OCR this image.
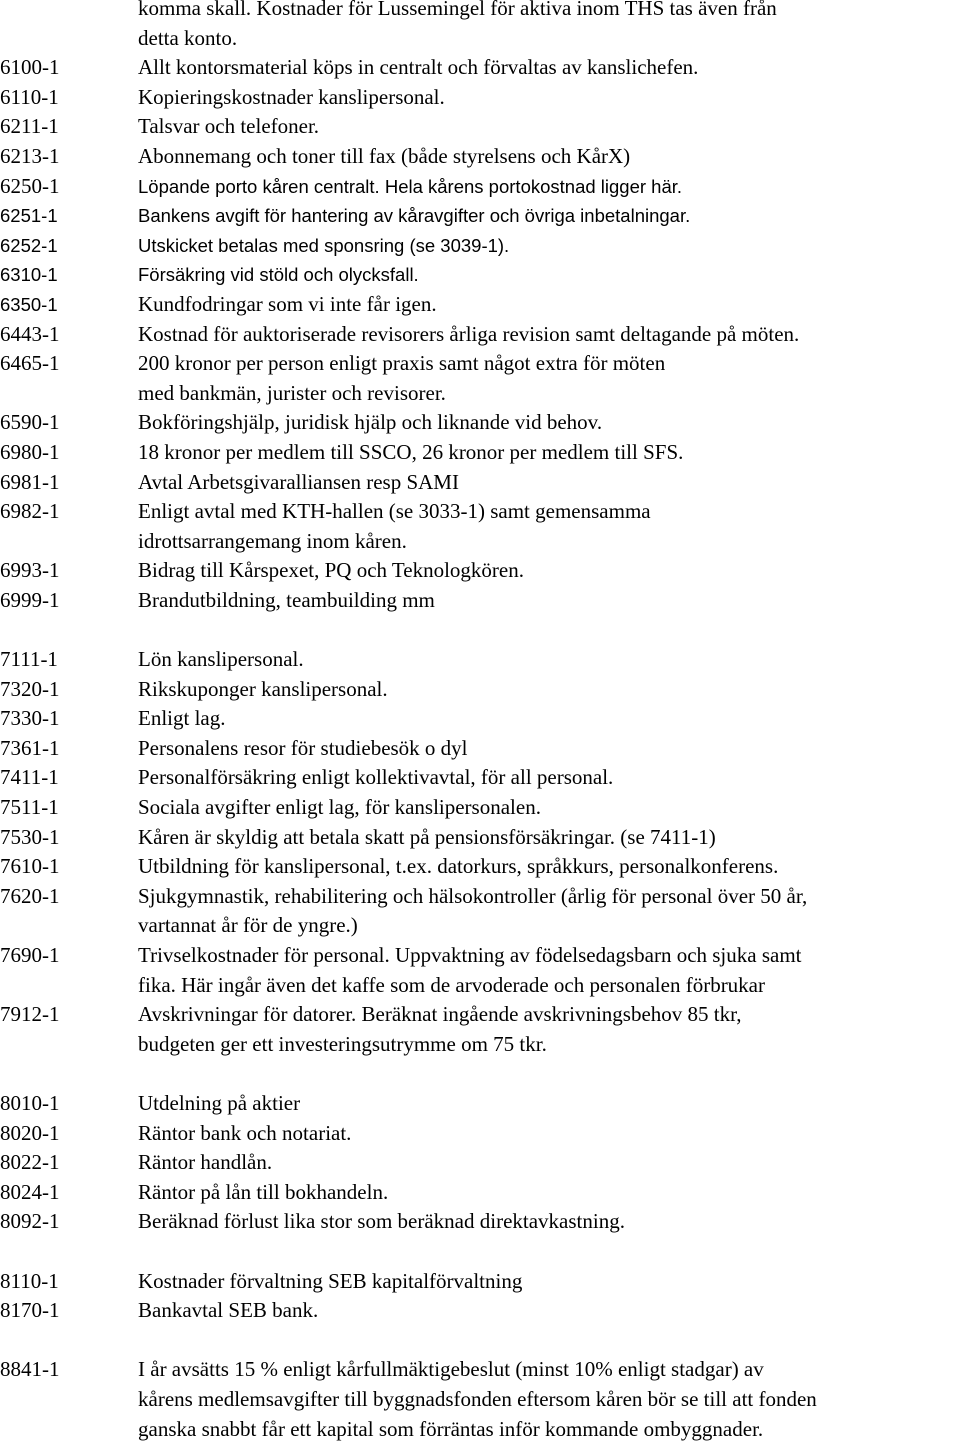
komma skall. Kostnader för Lussemingel för aktiva inom THS tas även från
detta konto.
6100-1	Allt kontorsmaterial köps in centralt och förvaltas av kanslichefen.
6110-1	Kopieringskostnader kanslipersonal.
6211-1	Talsvar och telefoner.
6213-1	Abonnemang och toner till fax (både styrelsens och KårX)
6250-1	Löpande porto kåren centralt. Hela kårens portokostnad ligger här.
6251-1	Bankens avgift för hantering av kåravgifter och övriga inbetalningar.
6252-1	Utskicket betalas med sponsring (se 3039-1).
6310-1	Försäkring vid stöld och olycksfall.
6350-1	Kundfodringar som vi inte får igen.
6443-1	Kostnad för auktoriserade revisorers årliga revision samt deltagande på möten.
6465-1	200 kronor per person enligt praxis samt något extra för möten
med bankmän, jurister och revisorer.
6590-1	Bokföringshjälp, juridisk hjälp och liknande vid behov.
6980-1	18 kronor per medlem till SSCO, 26 kronor per medlem till SFS.
6981-1	Avtal Arbetsgivaralliansen resp SAMI
6982-1	Enligt avtal med KTH-hallen (se 3033-1) samt gemensamma
idrottsarrangemang inom kåren.
6993-1	Bidrag till Kårspexet, PQ och Teknologkören.
6999-1	Brandutbildning, teambuilding mm
7111-1	Lön kanslipersonal.
7320-1	Rikskuponger kanslipersonal.
7330-1	Enligt lag.
7361-1	Personalens resor för studiebesök o dyl
7411-1	Personalförsäkring enligt kollektivavtal, för all personal.
7511-1	Sociala avgifter enligt lag, för kanslipersonalen.
7530-1	Kåren är skyldig att betala skatt på pensionsförsäkringar. (se 7411-1)
7610-1	Utbildning för kanslipersonal, t.ex. datorkurs, språkkurs, personalkonferens.
7620-1	Sjukgymnastik, rehabilitering och hälsokontroller (årlig för personal över 50 år,
vartannat år för de yngre.)
7690-1	Trivselkostnader för personal. Uppvaktning av födelsedagsbarn och sjuka samt
fika. Här ingår även det kaffe som de arvoderade och personalen förbrukar
7912-1	Avskrivningar för datorer. Beräknat ingående avskrivningsbehov 85 tkr,
budgeten ger ett investeringsutrymme om 75 tkr.
8010-1	Utdelning på aktier
8020-1	Räntor bank och notariat.
8022-1	Räntor handlån.
8024-1	Räntor på lån till bokhandeln.
8092-1	Beräknad förlust lika stor som beräknad direktavkastning.
8110-1	Kostnader förvaltning SEB kapitalförvaltning
8170-1	Bankavtal SEB bank.
8841-1	I år avsätts 15 % enligt kårfullmäktigebeslut (minst 10% enligt stadgar) av
kårens medlemsavgifter till byggnadsfonden eftersom kåren bör se till att fonden
ganska snabbt får ett kapital som förräntas inför kommande ombyggnader.
